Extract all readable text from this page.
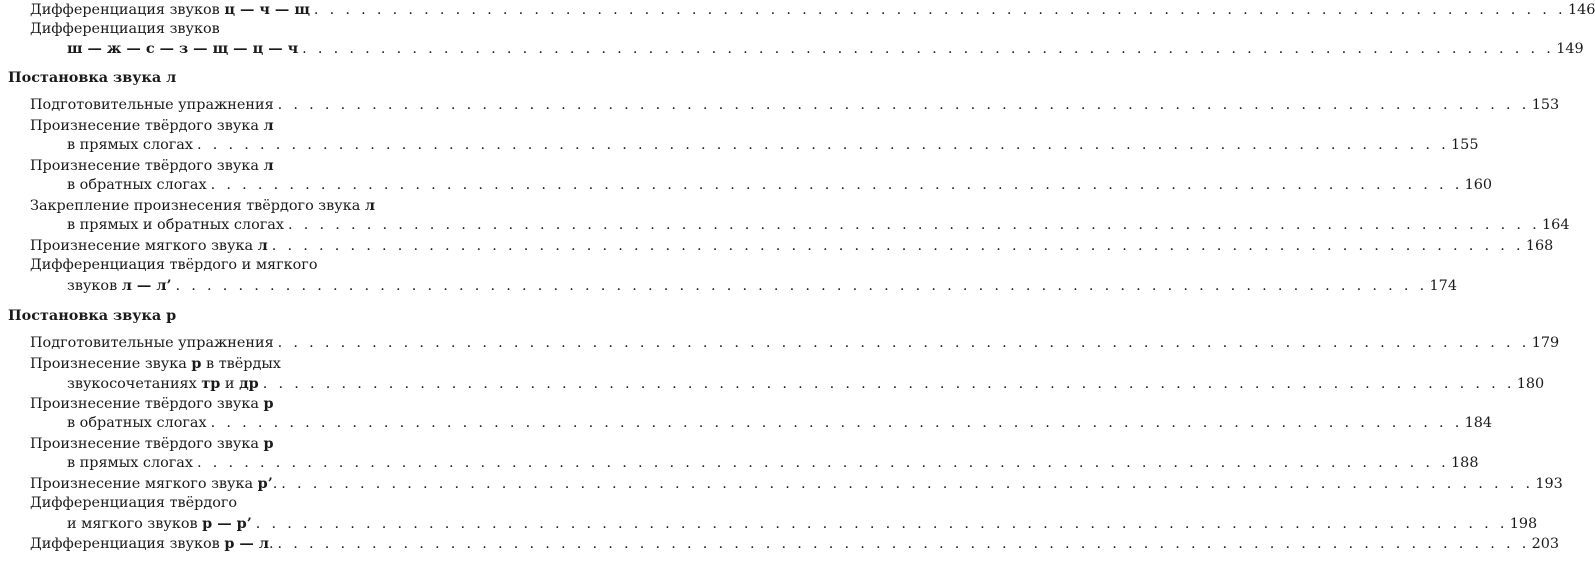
Дифференциация звуков ц — ч — щ . . . . . . . . . . . . . . . . . . . . . . . . . . . . . . . . . . . . . . . . . . . . . . . . . . . . . . . . . . . . . . . . . . . . . . . . . . . . . . . . 146
Дифференциация звуков
ш — ж — с — з — щ — ц — ч . . . . . . . . . . . . . . . . . . . . . . . . . . . . . . . . . . . . . . . . . . . . . . . . . . . . . . . . . . . . . . . . . . . . . . . . . . . . . . . . 149
Постановка звука л
Подготовительные упражнения . . . . . . . . . . . . . . . . . . . . . . . . . . . . . . . . . . . . . . . . . . . . . . . . . . . . . . . . . . . . . . . . . . . . . . . . . . . . . . . . 153
Произнесение твёрдого звука л
в прямых слогах . . . . . . . . . . . . . . . . . . . . . . . . . . . . . . . . . . . . . . . . . . . . . . . . . . . . . . . . . . . . . . . . . . . . . . . . . . . . . . . . 155
Произнесение твёрдого звука л
в обратных слогах . . . . . . . . . . . . . . . . . . . . . . . . . . . . . . . . . . . . . . . . . . . . . . . . . . . . . . . . . . . . . . . . . . . . . . . . . . . . . . . . 160
Закрепление произнесения твёрдого звука л
в прямых и обратных слогах . . . . . . . . . . . . . . . . . . . . . . . . . . . . . . . . . . . . . . . . . . . . . . . . . . . . . . . . . . . . . . . . . . . . . . . . . . . . . . . . 164
Произнесение мягкого звука л . . . . . . . . . . . . . . . . . . . . . . . . . . . . . . . . . . . . . . . . . . . . . . . . . . . . . . . . . . . . . . . . . . . . . . . . . . . . . . . . 168
Дифференциация твёрдого и мягкого
звуков л — л’ . . . . . . . . . . . . . . . . . . . . . . . . . . . . . . . . . . . . . . . . . . . . . . . . . . . . . . . . . . . . . . . . . . . . . . . . . . . . . . . . 174
Постановка звука р
Подготовительные упражнения . . . . . . . . . . . . . . . . . . . . . . . . . . . . . . . . . . . . . . . . . . . . . . . . . . . . . . . . . . . . . . . . . . . . . . . . . . . . . . . . 179
Произнесение звука р в твёрдых
звукосочетаниях тр и др . . . . . . . . . . . . . . . . . . . . . . . . . . . . . . . . . . . . . . . . . . . . . . . . . . . . . . . . . . . . . . . . . . . . . . . . . . . . . . . . 180
Произнесение твёрдого звука р
в обратных слогах . . . . . . . . . . . . . . . . . . . . . . . . . . . . . . . . . . . . . . . . . . . . . . . . . . . . . . . . . . . . . . . . . . . . . . . . . . . . . . . . 184
Произнесение твёрдого звука р
в прямых слогах . . . . . . . . . . . . . . . . . . . . . . . . . . . . . . . . . . . . . . . . . . . . . . . . . . . . . . . . . . . . . . . . . . . . . . . . . . . . . . . . 188
Произнесение мягкого звука р’. . . . . . . . . . . . . . . . . . . . . . . . . . . . . . . . . . . . . . . . . . . . . . . . . . . . . . . . . . . . . . . . . . . . . . . . . . . . . . . . . 193
Дифференциация твёрдого
и мягкого звуков р — р’ . . . . . . . . . . . . . . . . . . . . . . . . . . . . . . . . . . . . . . . . . . . . . . . . . . . . . . . . . . . . . . . . . . . . . . . . . . . . . . . . 198
Дифференциация звуков р — л. . . . . . . . . . . . . . . . . . . . . . . . . . . . . . . . . . . . . . . . . . . . . . . . . . . . . . . . . . . . . . . . . . . . . . . . . . . . . . . . . 203
